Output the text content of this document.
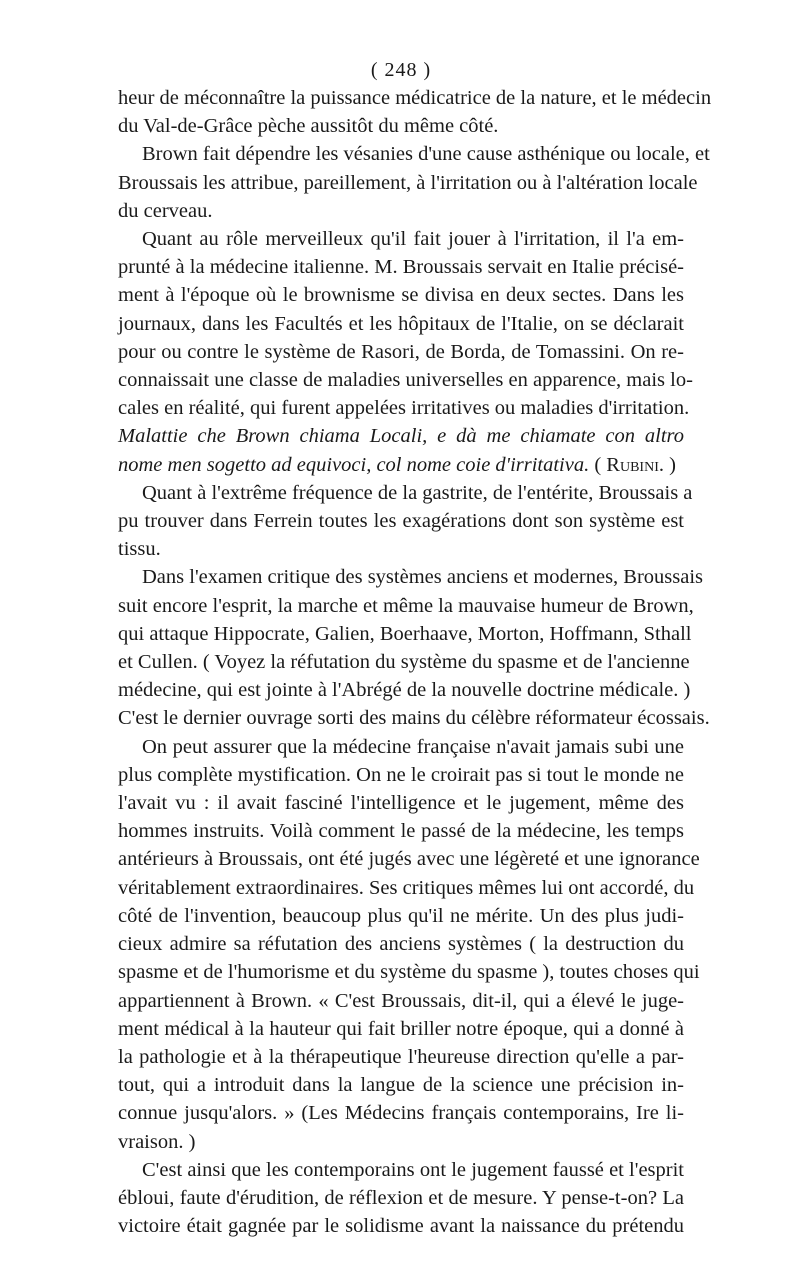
( 248 )
heur de méconnaître la puissance médicatrice de la nature, et le médecin
du Val-de-Grâce pèche aussitôt du même côté.
Brown fait dépendre les vésanies d'une cause asthénique ou locale, et
Broussais les attribue, pareillement, à l'irritation ou à l'altération locale
du cerveau.
Quant au rôle merveilleux qu'il fait jouer à l'irritation, il l'a em-
prunté à la médecine italienne. M. Broussais servait en Italie précisé-
ment à l'époque où le brownisme se divisa en deux sectes. Dans les
journaux, dans les Facultés et les hôpitaux de l'Italie, on se déclarait
pour ou contre le système de Rasori, de Borda, de Tomassini. On re-
connaissait une classe de maladies universelles en apparence, mais lo-
cales en réalité, qui furent appelées irritatives ou maladies d'irritation.
Malattie che Brown chiama Locali, e dà me chiamate con altro
nome men sogetto ad equivoci, col nome coie d'irritativa. ( Rubini. )
Quant à l'extrême fréquence de la gastrite, de l'entérite, Broussais a
pu trouver dans Ferrein toutes les exagérations dont son système est
tissu.
Dans l'examen critique des systèmes anciens et modernes, Broussais
suit encore l'esprit, la marche et même la mauvaise humeur de Brown,
qui attaque Hippocrate, Galien, Boerhaave, Morton, Hoffmann, Sthall
et Cullen. ( Voyez la réfutation du système du spasme et de l'ancienne
médecine, qui est jointe à l'Abrégé de la nouvelle doctrine médicale. )
C'est le dernier ouvrage sorti des mains du célèbre réformateur écossais.
On peut assurer que la médecine française n'avait jamais subi une
plus complète mystification. On ne le croirait pas si tout le monde ne
l'avait vu : il avait fasciné l'intelligence et le jugement, même des
hommes instruits. Voilà comment le passé de la médecine, les temps
antérieurs à Broussais, ont été jugés avec une légèreté et une ignorance
véritablement extraordinaires. Ses critiques mêmes lui ont accordé, du
côté de l'invention, beaucoup plus qu'il ne mérite. Un des plus judi-
cieux admire sa réfutation des anciens systèmes ( la destruction du
spasme et de l'humorisme et du système du spasme ), toutes choses qui
appartiennent à Brown. « C'est Broussais, dit-il, qui a élevé le juge-
ment médical à la hauteur qui fait briller notre époque, qui a donné à
la pathologie et à la thérapeutique l'heureuse direction qu'elle a par-
tout, qui a introduit dans la langue de la science une précision in-
connue jusqu'alors. » (Les Médecins français contemporains, Ire li-
vraison. )
C'est ainsi que les contemporains ont le jugement faussé et l'esprit
ébloui, faute d'érudition, de réflexion et de mesure. Y pense-t-on? La
victoire était gagnée par le solidisme avant la naissance du prétendu
